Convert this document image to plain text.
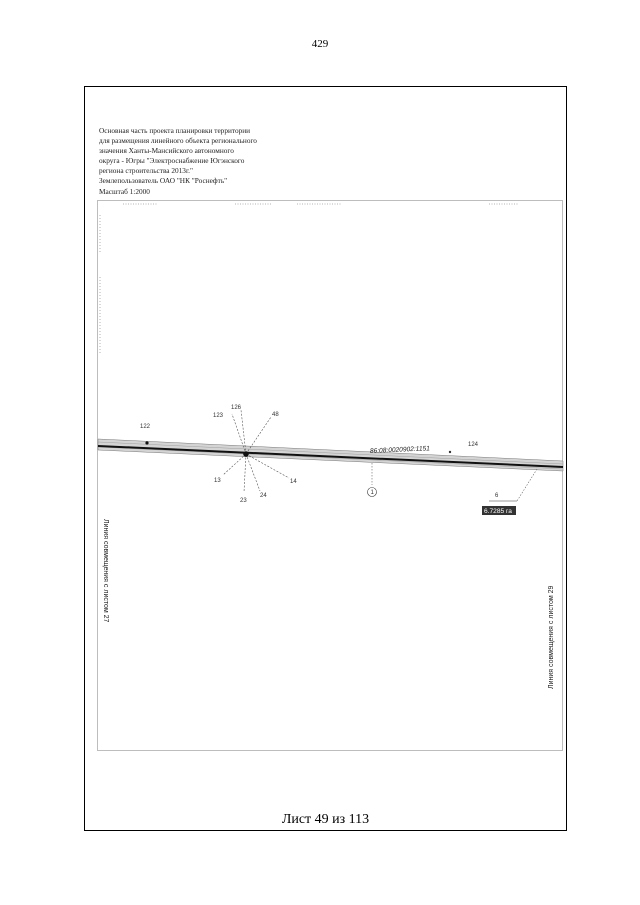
429
Основная часть проекта планировки территории
для размещения линейного объекта регионального
значения Ханты-Мансийского автономного
округа - Югры "Электроснабжение Югэнского
региона строительства 2013г."
Землепользователь ОАО "НК "Роснефть"
Масштаб 1:2000
122
123
126
48
124
13
23
24
14
86:08:0020902:1151
1	6
6.7285 га
Линия совмещения с листом 27
Линия совмещения с листом 29
Лист 49 из 113
